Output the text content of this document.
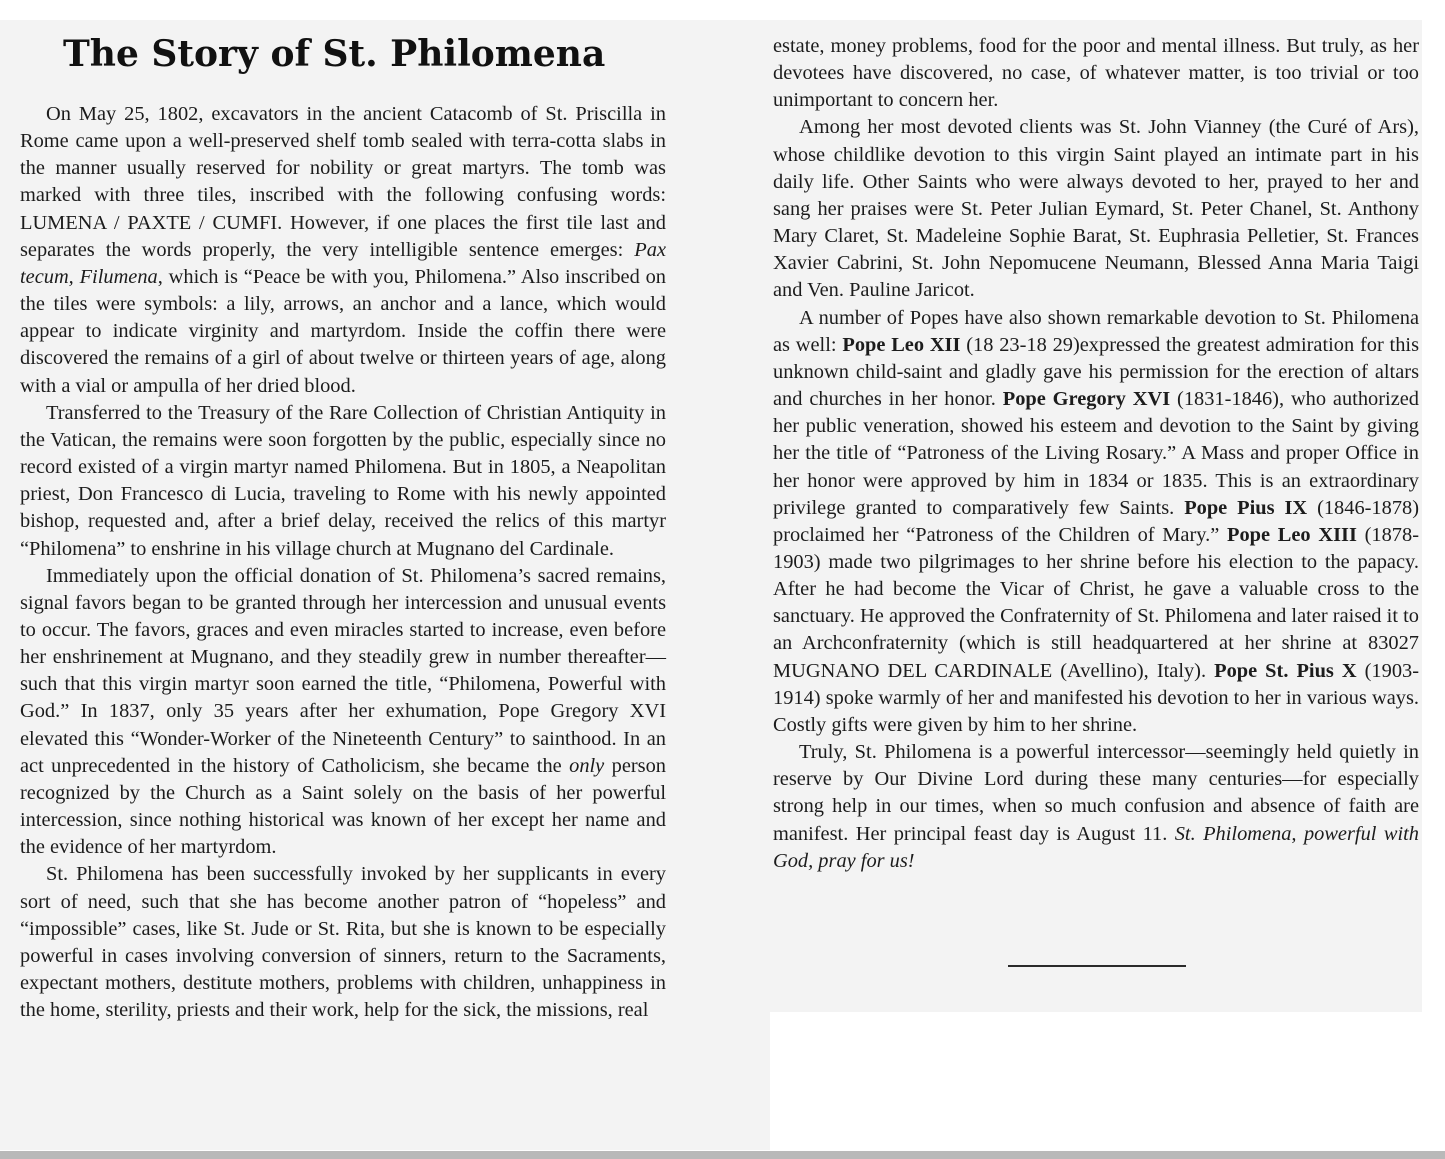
The Story of St. Philomena

On May 25, 1802, excavators in the ancient Catacomb of St. Priscilla in Rome came upon a well-preserved shelf tomb sealed with terra-cotta slabs in the manner usually reserved for nobility or great martyrs. The tomb was marked with three tiles, inscribed with the following confusing words: LUMENA / PAXTE / CUMFI. However, if one places the first tile last and separates the words properly, the very intelligible sentence emerges: Pax tecum, Filumena, which is “Peace be with you, Philomena.” Also inscribed on the tiles were symbols: a lily, arrows, an anchor and a lance, which would appear to indicate virginity and martyrdom. Inside the coffin there were discovered the remains of a girl of about twelve or thirteen years of age, along with a vial or ampulla of her dried blood.

Transferred to the Treasury of the Rare Collection of Christian Antiquity in the Vatican, the remains were soon forgotten by the public, especially since no record existed of a virgin martyr named Philomena. But in 1805, a Neapolitan priest, Don Francesco di Lucia, traveling to Rome with his newly appointed bishop, requested and, after a brief delay, received the relics of this martyr “Philomena” to enshrine in his village church at Mugnano del Cardinale.

Immediately upon the official donation of St. Philomena’s sacred remains, signal favors began to be granted through her intercession and unusual events to occur. The favors, graces and even miracles started to increase, even before her enshrinement at Mugnano, and they steadily grew in number thereafter—such that this virgin martyr soon earned the title, “Philomena, Powerful with God.” In 1837, only 35 years after her exhumation, Pope Gregory XVI elevated this “Wonder-Worker of the Nineteenth Century” to sainthood. In an act unprecedented in the history of Catholicism, she became the only person recognized by the Church as a Saint solely on the basis of her powerful intercession, since nothing historical was known of her except her name and the evidence of her martyrdom.

St. Philomena has been successfully invoked by her supplicants in every sort of need, such that she has become another patron of “hopeless” and “impossible” cases, like St. Jude or St. Rita, but she is known to be especially powerful in cases involving conversion of sinners, return to the Sacraments, expectant mothers, destitute mothers, problems with children, unhappiness in the home, sterility, priests and their work, help for the sick, the missions, real

estate, money problems, food for the poor and mental illness. But truly, as her devotees have discovered, no case, of whatever matter, is too trivial or too unimportant to concern her.

Among her most devoted clients was St. John Vianney (the Curé of Ars), whose childlike devotion to this virgin Saint played an intimate part in his daily life. Other Saints who were always devoted to her, prayed to her and sang her praises were St. Peter Julian Eymard, St. Peter Chanel, St. Anthony Mary Claret, St. Madeleine Sophie Barat, St. Euphrasia Pelletier, St. Frances Xavier Cabrini, St. John Nepomucene Neumann, Blessed Anna Maria Taigi and Ven. Pauline Jaricot.

A number of Popes have also shown remarkable devotion to St. Philomena as well: Pope Leo XII (18 23-18 29)expressed the greatest admiration for this unknown child-saint and gladly gave his permission for the erection of altars and churches in her honor. Pope Gregory XVI (1831-1846), who authorized her public veneration, showed his esteem and devotion to the Saint by giving her the title of “Patroness of the Living Rosary.” A Mass and proper Office in her honor were approved by him in 1834 or 1835. This is an extraordinary privilege granted to comparatively few Saints. Pope Pius IX (1846-1878) proclaimed her “Patroness of the Children of Mary.” Pope Leo XIII (1878-1903) made two pilgrimages to her shrine before his election to the papacy. After he had become the Vicar of Christ, he gave a valuable cross to the sanctuary. He approved the Confraternity of St. Philomena and later raised it to an Archconfraternity (which is still headquartered at her shrine at 83027 MUGNANO DEL CARDINALE (Avellino), Italy). Pope St. Pius X (1903-1914) spoke warmly of her and manifested his devotion to her in various ways. Costly gifts were given by him to her shrine.

Truly, St. Philomena is a powerful intercessor—seemingly held quietly in reserve by Our Divine Lord during these many centuries—for especially strong help in our times, when so much confusion and absence of faith are manifest. Her principal feast day is August 11. St. Philomena, powerful with God, pray for us!
